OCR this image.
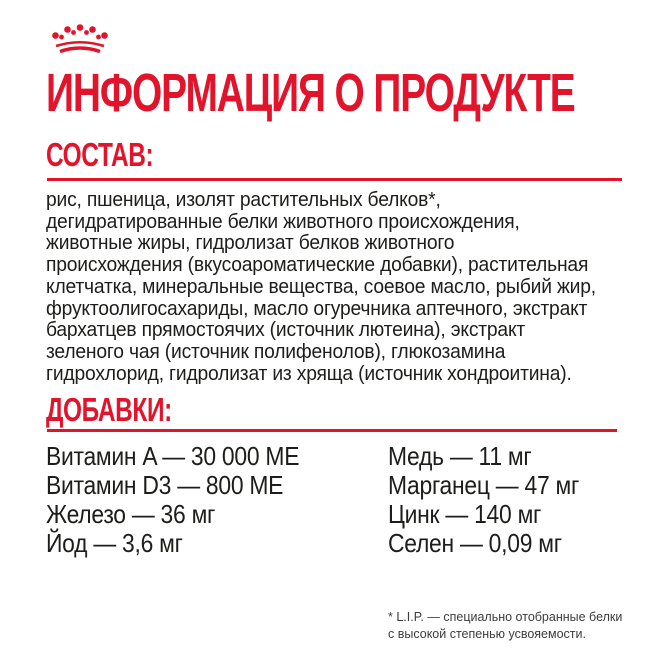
ИНФОРМАЦИЯ О ПРОДУКТЕ
СОСТАВ:
рис, пшеница, изолят растительных белков*,
дегидратированные белки животного происхождения,
животные жиры, гидролизат белков животного
происхождения (вкусоароматические добавки), растительная
клетчатка, минеральные вещества, соевое масло, рыбий жир,
фруктоолигосахариды, масло огуречника аптечного, экстракт
бархатцев прямостоячих (источник лютеина), экстракт
зеленого чая (источник полифенолов), глюкозамина
гидрохлорид, гидролизат из хряща (источник хондроитина).
ДОБАВКИ:
Витамин A — 30 000 МЕ
Витамин D3 — 800 МЕ
Железо — 36 мг
Йод — 3,6 мг
Медь — 11 мг
Марганец — 47 мг
Цинк — 140 мг
Селен — 0,09 мг
* L.I.P. — специально отобранные белки
с высокой степенью усвояемости.
